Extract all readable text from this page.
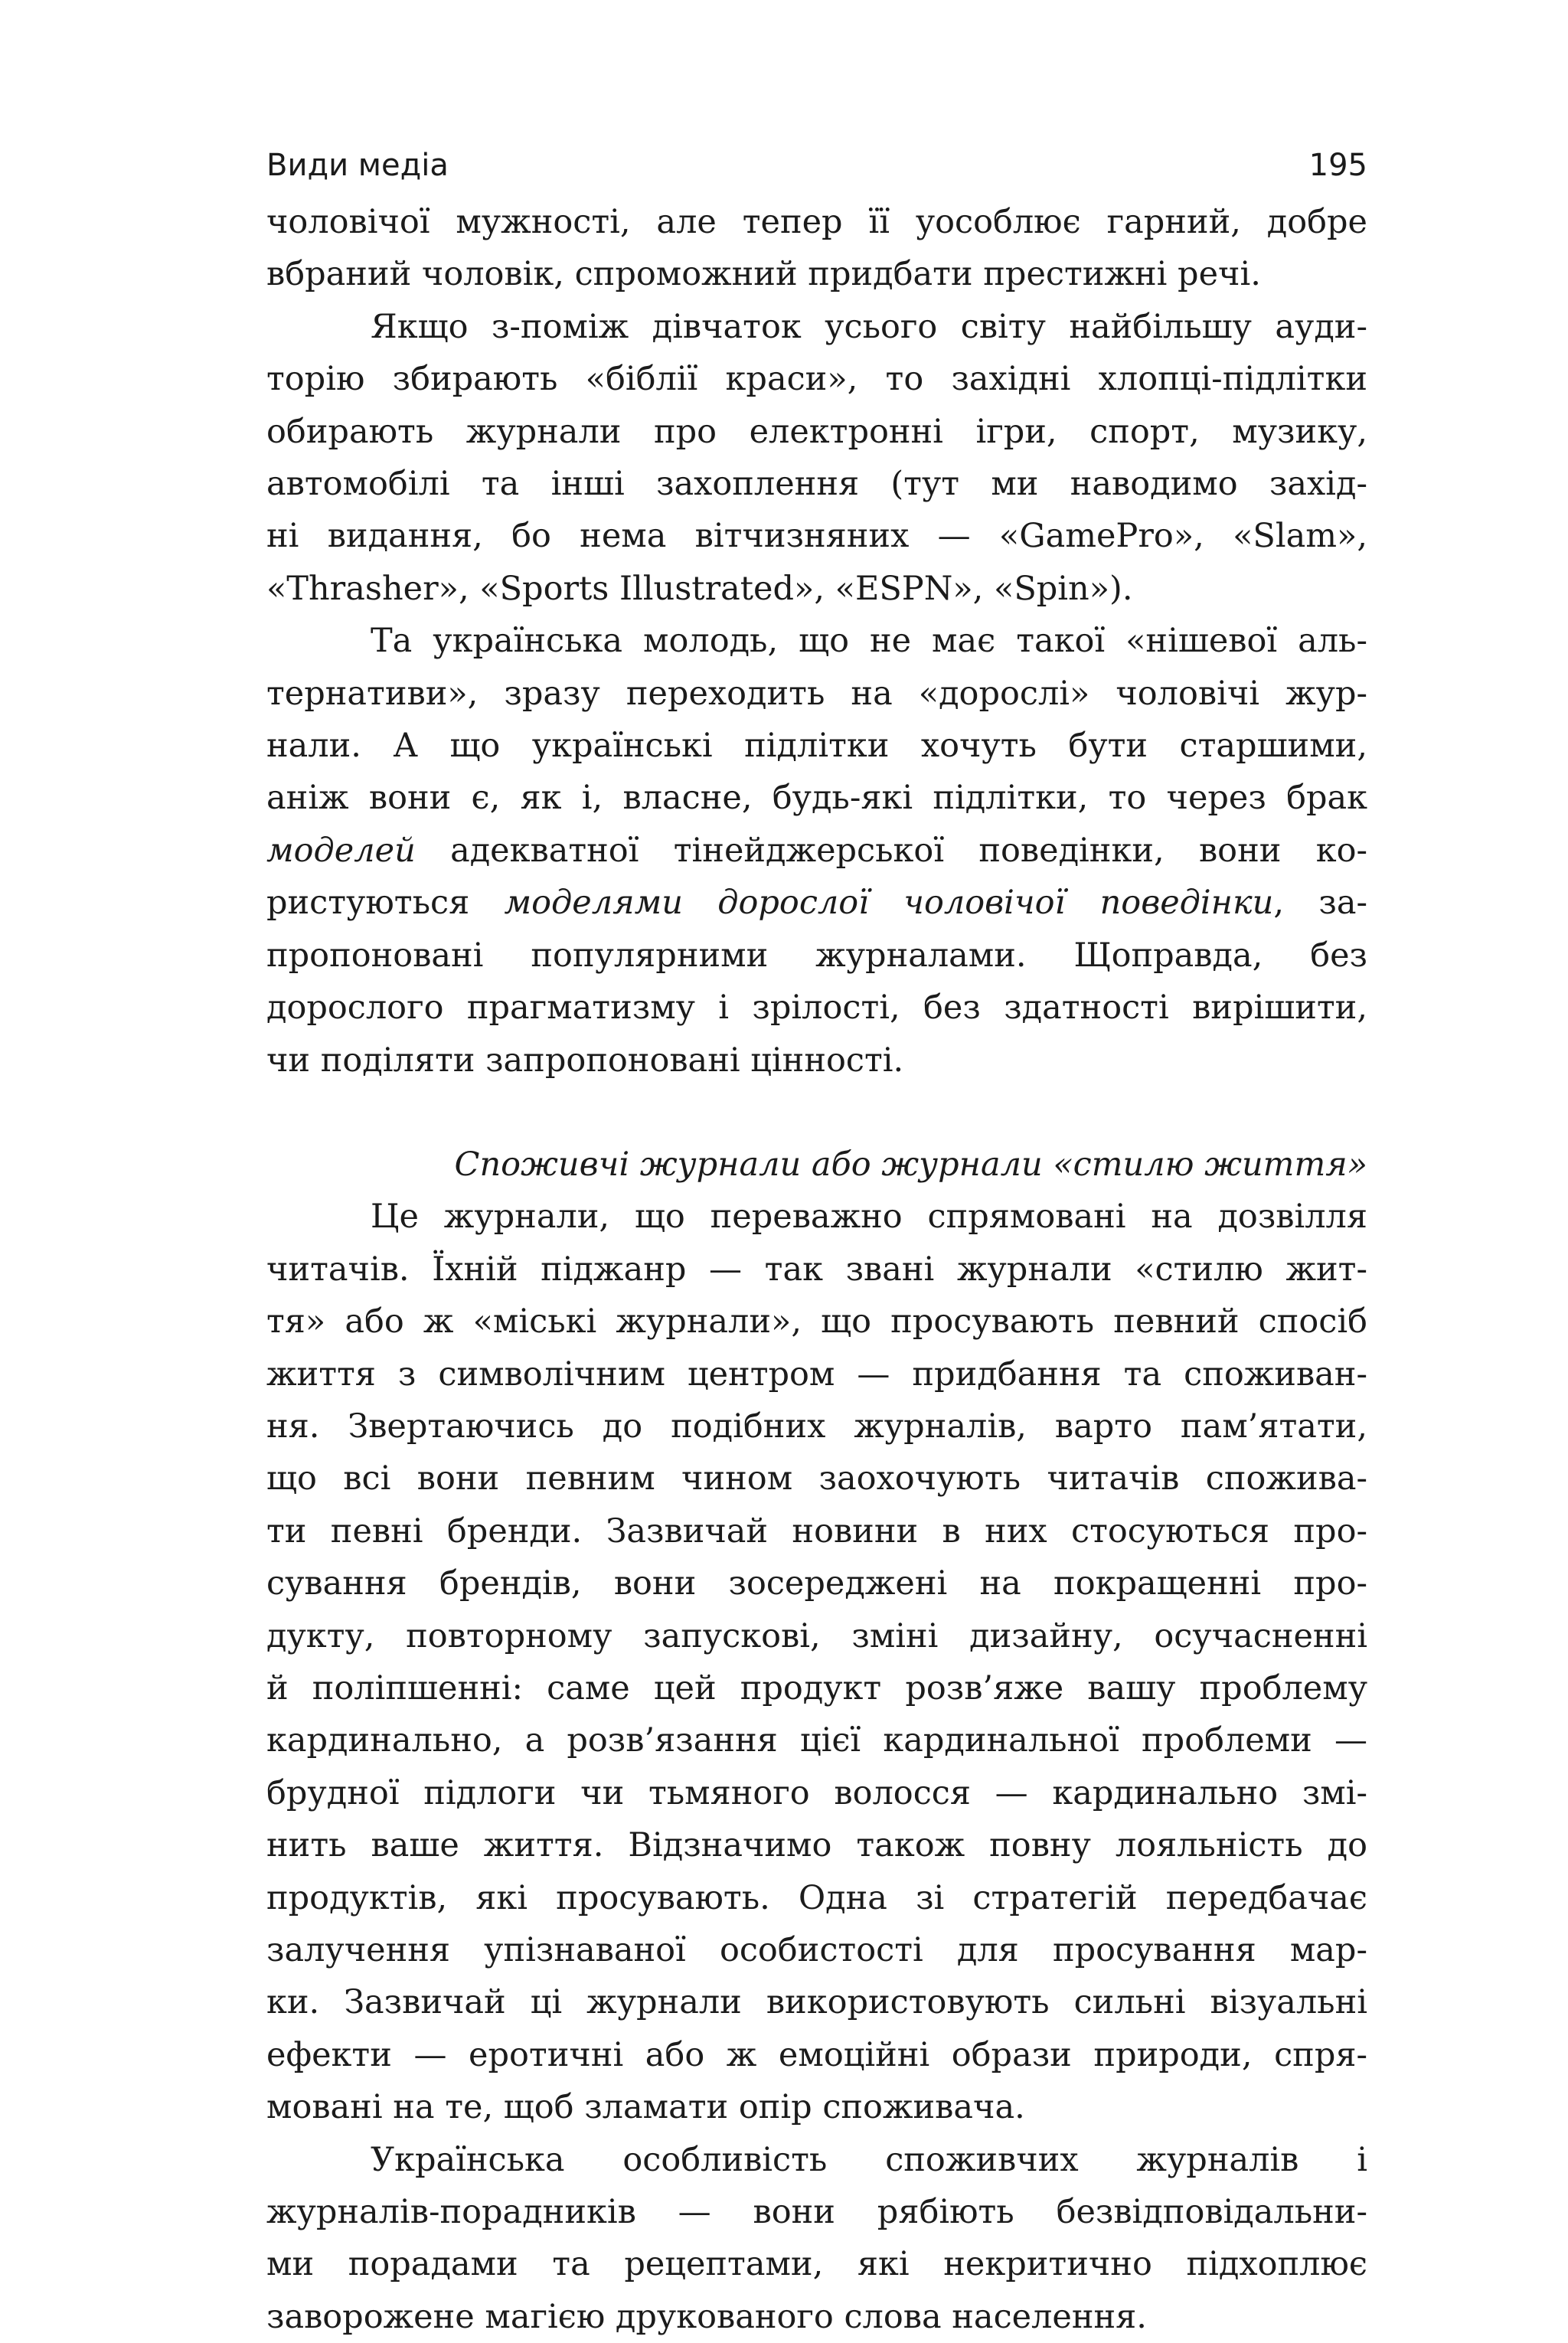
Види медіа	195

чоловічої мужності, але тепер її уособлює гарний, добре
вбраний чоловік, спроможний придбати престижні речі.

Якщо з-поміж дівчаток усього світу найбільшу ауди-
торію збирають «біблії краси», то західні хлопці-підлітки
обирають журнали про електронні ігри, спорт, музику,
автомобілі та інші захоплення (тут ми наводимо захід-
ні видання, бо нема вітчизняних — «GamePro», «Slam»,
«Thrasher», «Sports Illustrated», «ESPN», «Spin»).

Та українська молодь, що не має такої «нішевої аль-
тернативи», зразу переходить на «дорослі» чоловічі жур-
нали. А що українські підлітки хочуть бути старшими,
аніж вони є, як і, власне, будь-які підлітки, то через брак
моделей адекватної тінейджерської поведінки, вони ко-
ристуються моделями дорослої чоловічої поведінки, за-
пропоновані популярними журналами. Щоправда, без
дорослого прагматизму і зрілості, без здатності вирішити,
чи поділяти запропоновані цінності.

Споживчі журнали або журнали «стилю життя»

Це журнали, що переважно спрямовані на дозвілля
читачів. Їхній піджанр — так звані журнали «стилю жит-
тя» або ж «міські журнали», що просувають певний спосіб
життя з символічним центром — придбання та споживан-
ня. Звертаючись до подібних журналів, варто пам’ятати,
що всі вони певним чином заохочують читачів спожива-
ти певні бренди. Зазвичай новини в них стосуються про-
сування брендів, вони зосереджені на покращенні про-
дукту, повторному запускові, зміні дизайну, осучасненні
й поліпшенні: саме цей продукт розв’яже вашу проблему
кардинально, а розв’язання цієї кардинальної проблеми —
брудної підлоги чи тьмяного волосся — кардинально змі-
нить ваше життя. Відзначимо також повну лояльність до
продуктів, які просувають. Одна зі стратегій передбачає
залучення упізнаваної особистості для просування мар-
ки. Зазвичай ці журнали використовують сильні візуальні
ефекти — еротичні або ж емоційні образи природи, спря-
мовані на те, щоб зламати опір споживача.

Українська особливість споживчих журналів і
журналів-порадників — вони рябіють безвідповідальни-
ми порадами та рецептами, які некритично підхоплює
заворожене магією друкованого слова населення.
